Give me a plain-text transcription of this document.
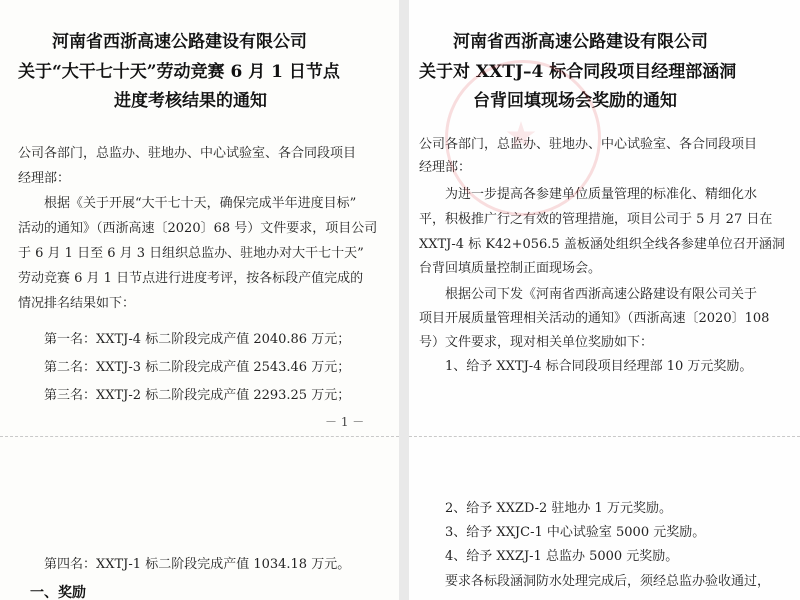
河南省西浙高速公路建设有限公司
关于“大干七十天”劳动竞赛 6 月 1 日节点
进度考核结果的通知
公司各部门，总监办、驻地办、中心试验室、各合同段项目
经理部：
根据《关于开展“大干七十天，确保完成半年进度目标”
活动的通知》（西浙高速〔2020〕68 号）文件要求，项目公司
于 6 月 1 日至 6 月 3 日组织总监办、驻地办对大干七十天”
劳动竞赛 6 月 1 日节点进行进度考评，按各标段产值完成的
情况排名结果如下：
第一名：XXTJ-4 标二阶段完成产值 2040.86 万元；
第二名：XXTJ-3 标二阶段完成产值 2543.46 万元；
第三名：XXTJ-2 标二阶段完成产值 2293.25 万元；
－ 1 －
第四名：XXTJ-1 标二阶段完成产值 1034.18 万元。
一、奖励
河南省西浙高速公路建设有限公司
关于对 XXTJ–4 标合同段项目经理部涵洞
台背回填现场会奖励的通知
公司各部门，总监办、驻地办、中心试验室、各合同段项目
经理部：
为进一步提高各参建单位质量管理的标准化、精细化水
平，积极推广行之有效的管理措施，项目公司于 5 月 27 日在
XXTJ-4 标 K42+056.5 盖板涵处组织全线各参建单位召开涵洞
台背回填质量控制正面现场会。
根据公司下发《河南省西浙高速公路建设有限公司关于
项目开展质量管理相关活动的通知》（西浙高速〔2020〕108
号）文件要求，现对相关单位奖励如下：
1、给予 XXTJ-4 标合同段项目经理部 10 万元奖励。
2、给予 XXZD-2 驻地办 1 万元奖励。
3、给予 XXJC-1 中心试验室 5000 元奖励。
4、给予 XXZJ-1 总监办 5000 元奖励。
要求各标段涵洞防水处理完成后，须经总监办验收通过，
